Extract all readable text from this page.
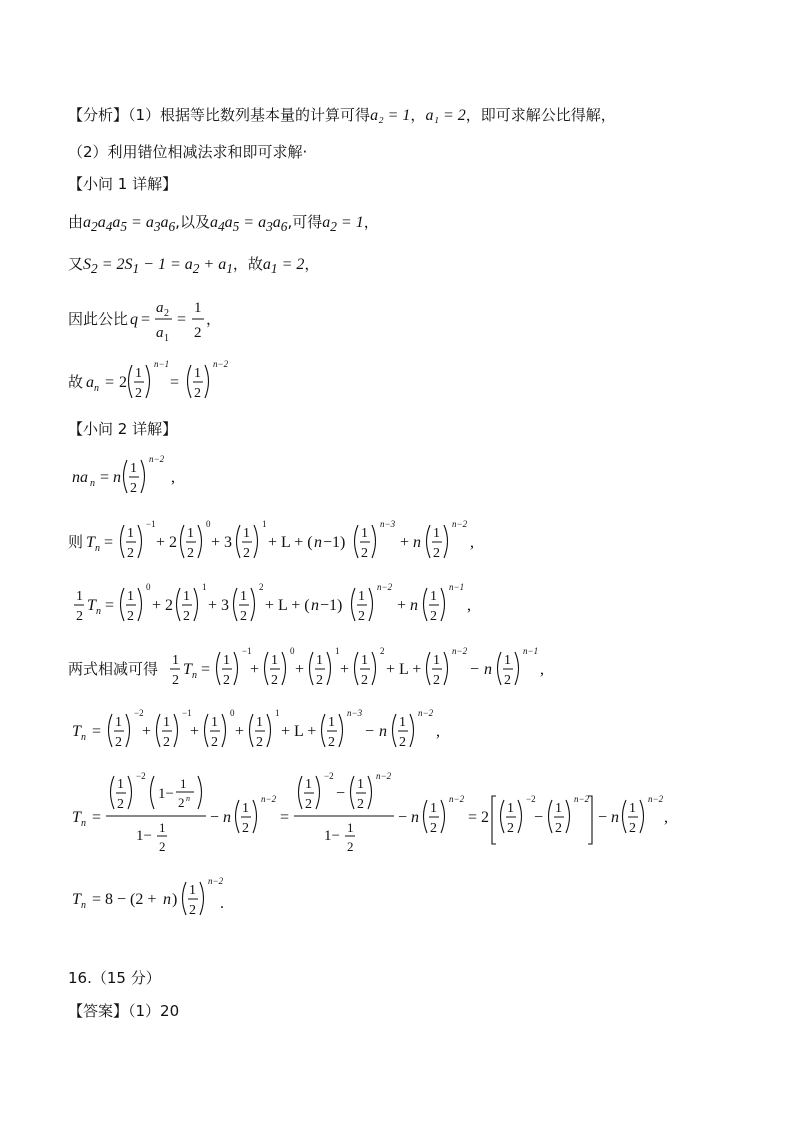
【分析】（1）根据等比数列基本量的计算可得a₂ = 1，a₁ = 2，即可求解公比得解，
（2）利用错位相减法求和即可求解·
【小问 1 详解】
由$a_2a_4a_5 = a_3a_6$,以及$a_4a_5 = a_3a_6$,可得$a_2 = 1$，
又$S_2 = 2S_1 - 1 = a_2 + a_1$，故$a_1 = 2$，
因此公比 q =
a 2
a 1
=
1
2
，
故 a n = 2
1
2
n−1
=
1
2
n−2
【小问 2 详解】
na n = n
1
2
n−2
,
则 T n =
1
2
−1
+ 2
1
2
0
+ 3
1
2
1
+ L + ( n −1)
1
2
n−3
+ n
1
2
n−2
,
1
2
T n =
1
2
0
+ 2
1
2
1
+ 3
1
2
2
+ L + ( n −1)
1
2
n−2
+ n
1
2
n−1
,
两式相减可得 1
2
T n =
1
2
−1
+
1
2
0
+
1
2
1
+
1
2
2
+ L +
1
2
n−2
− n
1
2
n−1
,
T n =
1
2
−2
+
1
2
−1
+
1
2
0
+
1
2
1
+ L +
1
2
n−3
− n
1
2
n−2
,
T n =
1
2
−2
1−
1
2 n
1−
1
2
− n
1
2
n−2
=
1
2
−2
−
1
2
n−2
1−
1
2
− n
1
2
n−2
= 2
1
2
−2
−
1
2
n−2
− n
1
2
n−2
,
T n = 8 − (2 + n )
1
2
n−2
.
16.（15 分）
【答案】（1）20
